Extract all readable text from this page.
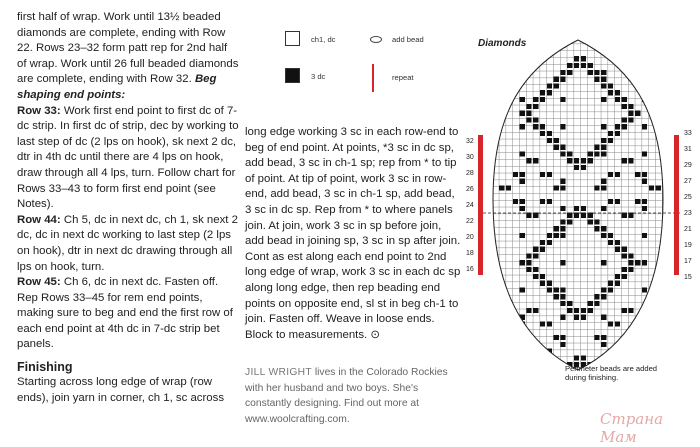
first half of wrap. Work until 13½ beaded diamonds are complete, ending with Row 22. Rows 23–32 form patt rep for 2nd half of wrap. Work until 26 full beaded diamonds are complete, ending with Row 32. Beg shaping end points:

Row 33: Work first end point to first dc of 7-dc strip. In first dc of strip, dec by working to last step of dc (2 lps on hook), sk next 2 dc, dtr in 4th dc until there are 4 lps on hook, draw through all 4 lps, turn. Follow chart for Rows 33–43 to form first end point (see Notes).

Row 44: Ch 5, dc in next dc, ch 1, sk next 2 dc, dc in next dc working to last step (2 lps on hook), dtr in next dc drawing through all lps on hook, turn.

Row 45: Ch 6, dc in next dc. Fasten off. Rep Rows 33–45 for rem end points, making sure to beg and end the first row of each end point at 4th dc in 7-dc strip bet panels.

Finishing

Starting across long edge of wrap (row ends), join yarn in corner, ch 1, sc across

ch1, dc	add bead
3 dc	repeat

long edge working 3 sc in each row-end to beg of end point. At points, *3 sc in dc sp, add bead, 3 sc in ch-1 sp; rep from * to tip of point. At tip of point, work 3 sc in row-end, add bead, 3 sc in ch-1 sp, add bead, 3 sc in dc sp. Rep from * to where panels join. At join, work 3 sc in sp before join, add bead in joining sp, 3 sc in sp after join. Cont as est along each end point to 2nd long edge of wrap, work 3 sc in each dc sp along long edge, then rep beading end points on opposite end, sl st in beg ch-1 to join. Fasten off. Weave in loose ends. Block to measurements. ⊙

JILL WRIGHT lives in the Colorado Rockies with her husband and two boys. She's constantly designing. Find out more at www.woolcrafting.com.
Diamonds
32
30
28
26
24
22
20
18
16
33
31
29
27
25
23
21
19
17
15
Perimeter beads are added during finishing.
Страна Мам
